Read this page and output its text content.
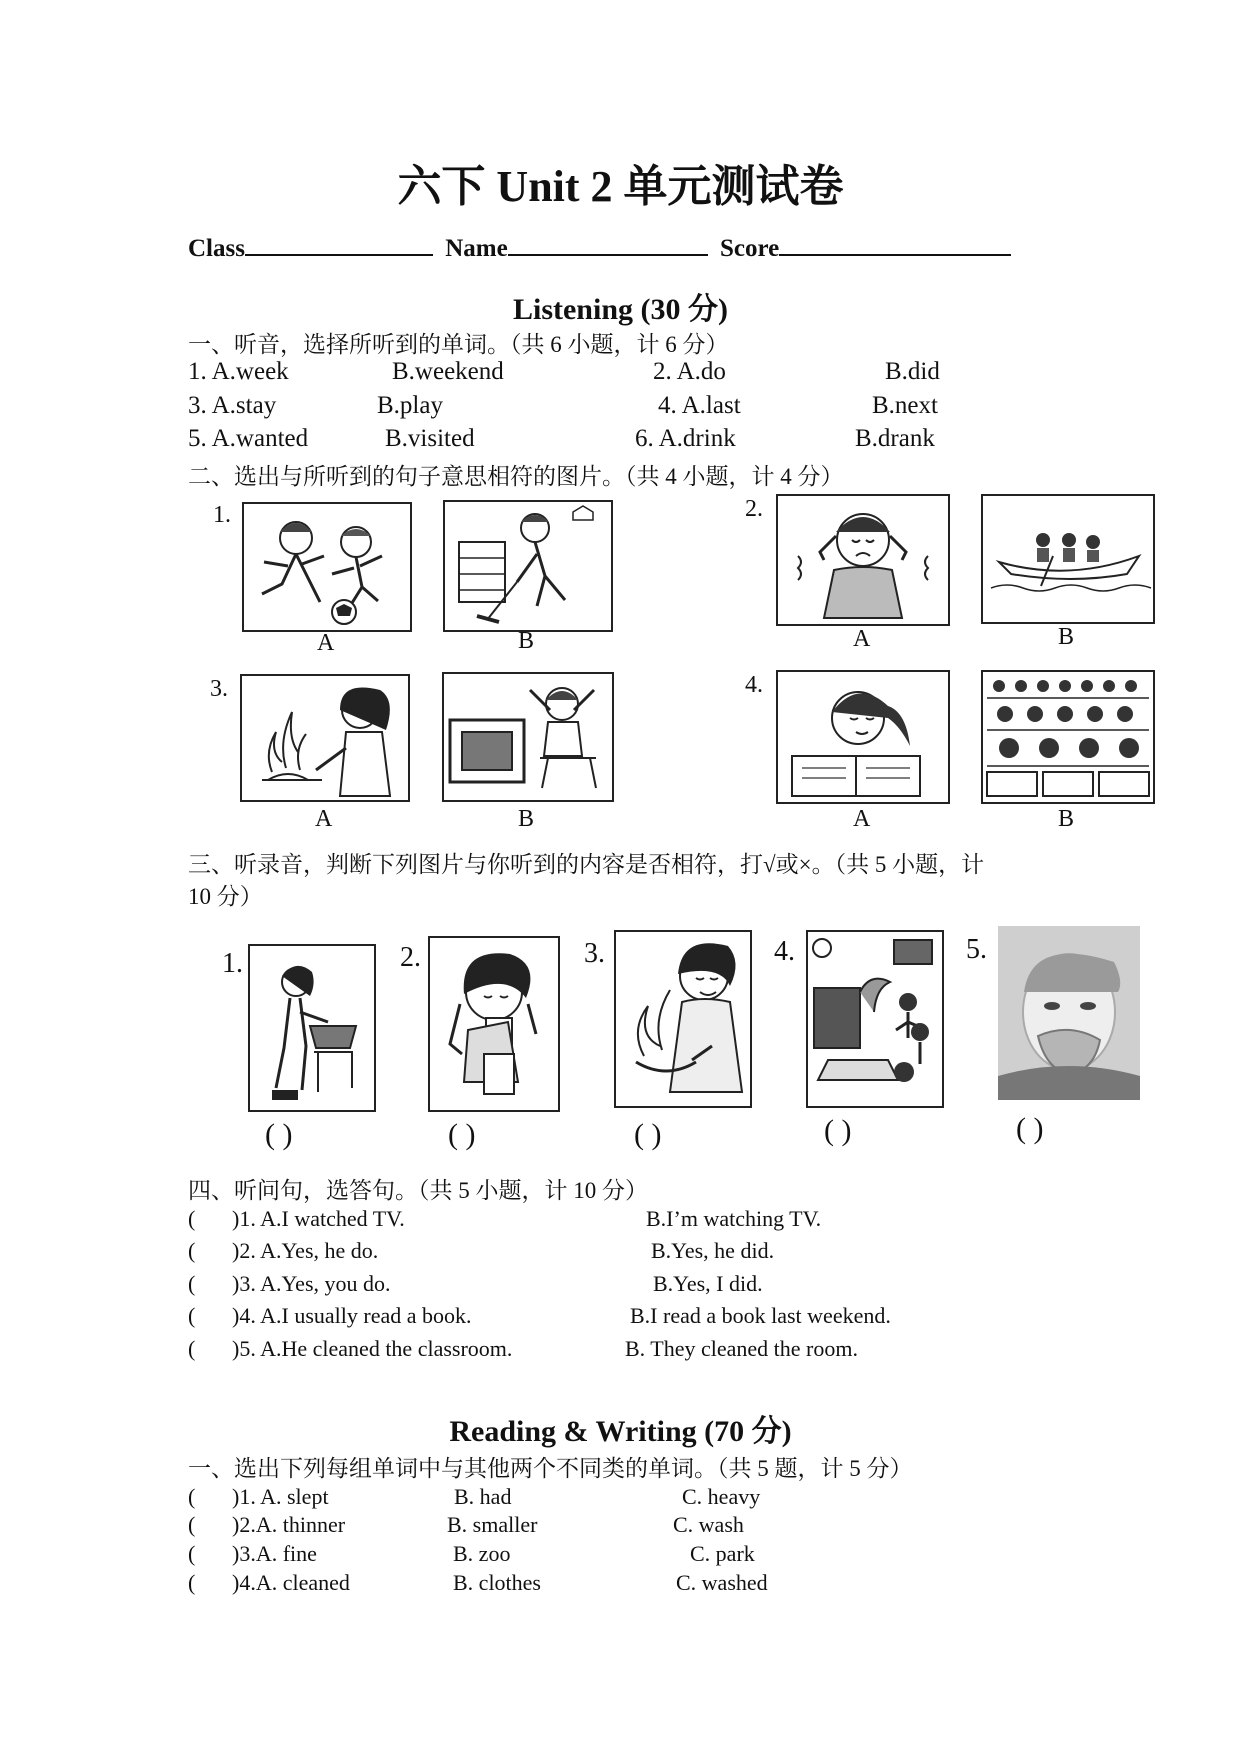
六下 Unit 2 单元测试卷
Class	Name	Score
Listening (30 分)
一、听音，选择所听到的单词。（共 6 小题，计 6 分）
1. A.week	B.weekend	2. A.do	B.did
3. A.stay	B.play	4. A.last	B.next
5. A.wanted	B.visited	6. A.drink	B.drank
二、选出与所听到的句子意思相符的图片。（共 4 小题，计 4 分）
1.	2.
3.	4.
A	B	A	B
A	B	A	B
三、听录音，判断下列图片与你听到的内容是否相符，打√或×。（共 5 小题，计
10 分）
1.	2.	3.	4.	5.
( )	( )	( )	( )	( )
四、听问句，选答句。（共 5 小题，计 10 分）
( )1. A.I watched TV.	B.I’m watching TV.
( )2. A.Yes, he do.	B.Yes, he did.
( )3. A.Yes, you do.	B.Yes, I did.
( )4. A.I usually read a book.	B.I read a book last weekend.
( )5. A.He cleaned the classroom.	B. They cleaned the room.
Reading & Writing (70 分)
一、选出下列每组单词中与其他两个不同类的单词。（共 5 题，计 5 分）
( )1. A. slept	B. had	C. heavy
( )2.A. thinner	B. smaller	C. wash
( )3.A. fine	B. zoo	C. park
( )4.A. cleaned	B. clothes	C. washed
